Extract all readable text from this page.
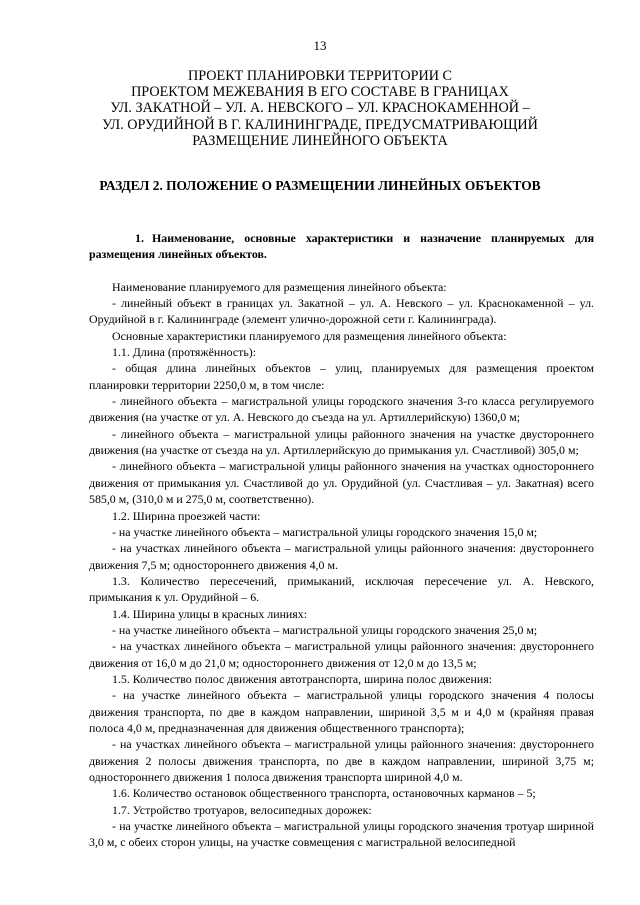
13
ПРОЕКТ ПЛАНИРОВКИ ТЕРРИТОРИИ С
ПРОЕКТОМ МЕЖЕВАНИЯ В ЕГО СОСТАВЕ В ГРАНИЦАХ
УЛ. ЗАКАТНОЙ – УЛ. А. НЕВСКОГО – УЛ. КРАСНОКАМЕННОЙ –
УЛ. ОРУДИЙНОЙ В Г. КАЛИНИНГРАДЕ, ПРЕДУСМАТРИВАЮЩИЙ
РАЗМЕЩЕНИЕ ЛИНЕЙНОГО ОБЪЕКТА
РАЗДЕЛ 2. ПОЛОЖЕНИЕ О РАЗМЕЩЕНИИ ЛИНЕЙНЫХ ОБЪЕКТОВ

1. Наименование, основные характеристики и назначение планируемых для размещения линейных объектов.

Наименование планируемого для размещения линейного объекта:

- линейный объект в границах ул. Закатной – ул. А. Невского – ул. Краснокаменной – ул. Орудийной в г. Калининграде (элемент улично-дорожной сети г. Калининграда).

Основные характеристики планируемого для размещения линейного объекта:

1.1. Длина (протяжённость):

- общая длина линейных объектов – улиц, планируемых для размещения проектом планировки территории 2250,0 м, в том числе:

- линейного объекта – магистральной улицы городского значения 3-го класса регулируемого движения (на участке от ул. А. Невского до съезда на ул. Артиллерийскую) 1360,0 м;

- линейного объекта – магистральной улицы районного значения на участке двустороннего движения (на участке от съезда на ул. Артиллерийскую до примыкания ул. Счастливой) 305,0 м;

- линейного объекта – магистральной улицы районного значения на участках одностороннего движения от примыкания ул. Счастливой до ул. Орудийной (ул. Счастливая – ул. Закатная) всего 585,0 м, (310,0 м и 275,0 м, соответственно).

1.2. Ширина проезжей части:

- на участке линейного объекта – магистральной улицы городского значения 15,0 м;

- на участках линейного объекта – магистральной улицы районного значения: двустороннего движения 7,5 м; одностороннего движения 4,0 м.

1.3. Количество пересечений, примыканий, исключая пересечение ул. А. Невского, примыкания к ул. Орудийной – 6.

1.4. Ширина улицы в красных линиях:

- на участке линейного объекта – магистральной улицы городского значения 25,0 м;

- на участках линейного объекта – магистральной улицы районного значения: двустороннего движения от 16,0 м до 21,0 м; одностороннего движения от 12,0 м до 13,5 м;

1.5. Количество полос движения автотранспорта, ширина полос движения:

- на участке линейного объекта – магистральной улицы городского значения 4 полосы движения транспорта, по две в каждом направлении, шириной 3,5 м и 4,0 м (крайняя правая полоса 4,0 м, предназначенная для движения общественного транспорта);

- на участках линейного объекта – магистральной улицы районного значения: двустороннего движения 2 полосы движения транспорта, по две в каждом направлении, шириной 3,75 м; одностороннего движения 1 полоса движения транспорта шириной 4,0 м.

1.6. Количество остановок общественного транспорта, остановочных карманов – 5;

1.7. Устройство тротуаров, велосипедных дорожек:

- на участке линейного объекта – магистральной улицы городского значения тротуар шириной 3,0 м, с обеих сторон улицы, на участке совмещения с магистральной велосипедной
